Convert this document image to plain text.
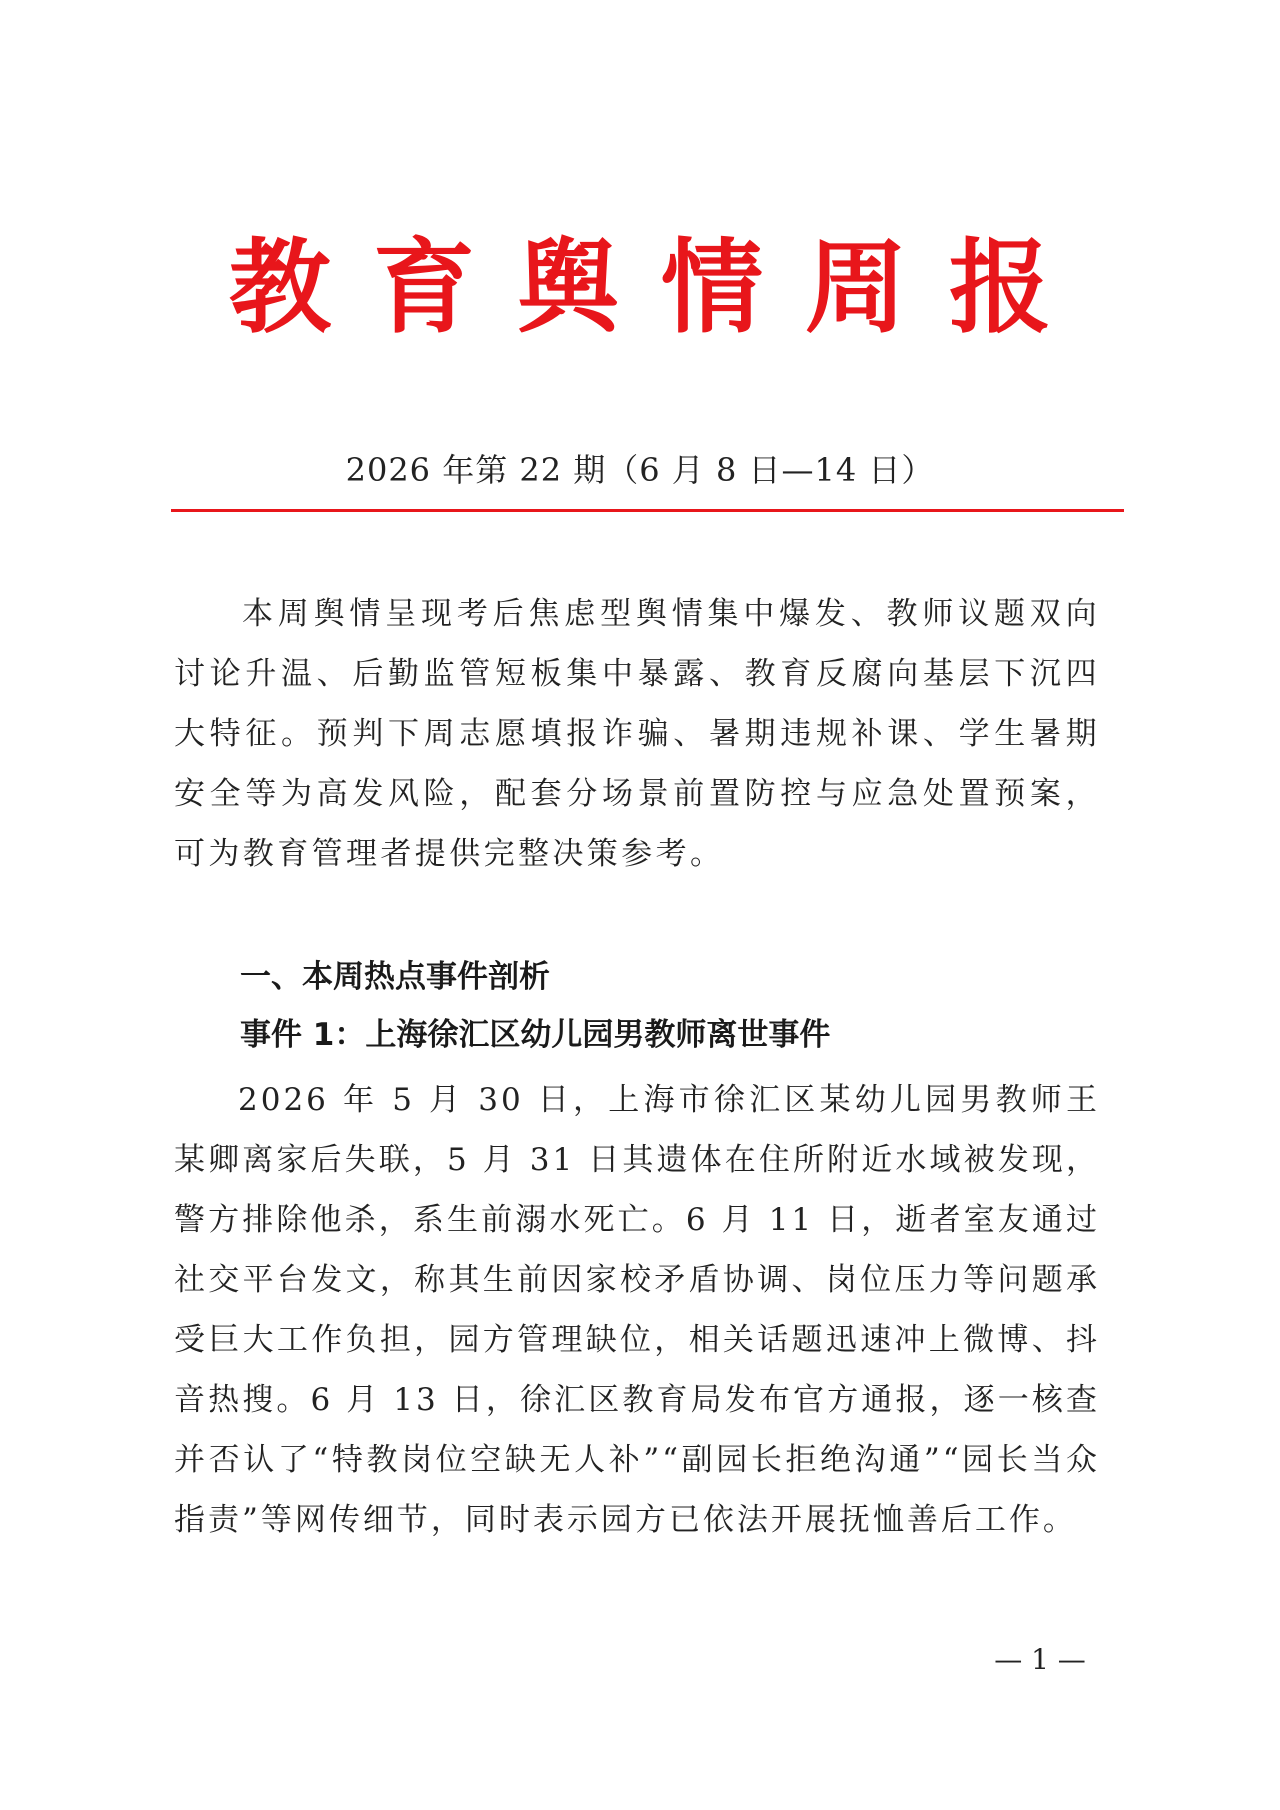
教育舆情周报
2026 年第 22 期（6 月 8 日—14 日）

本周舆情呈现考后焦虑型舆情集中爆发、教师议题双向讨论升温、后勤监管短板集中暴露、教育反腐向基层下沉四大特征。预判下周志愿填报诈骗、暑期违规补课、学生暑期安全等为高发风险，配套分场景前置防控与应急处置预案，可为教育管理者提供完整决策参考。

一、本周热点事件剖析
事件 1：上海徐汇区幼儿园男教师离世事件

2026 年 5 月 30 日，上海市徐汇区某幼儿园男教师王某卿离家后失联，5 月 31 日其遗体在住所附近水域被发现，警方排除他杀，系生前溺水死亡。6 月 11 日，逝者室友通过社交平台发文，称其生前因家校矛盾协调、岗位压力等问题承受巨大工作负担，园方管理缺位，相关话题迅速冲上微博、抖音热搜。6 月 13 日，徐汇区教育局发布官方通报，逐一核查并否认了“特教岗位空缺无人补”“副园长拒绝沟通”“园长当众指责”等网传细节，同时表示园方已依法开展抚恤善后工作。

— 1 —
